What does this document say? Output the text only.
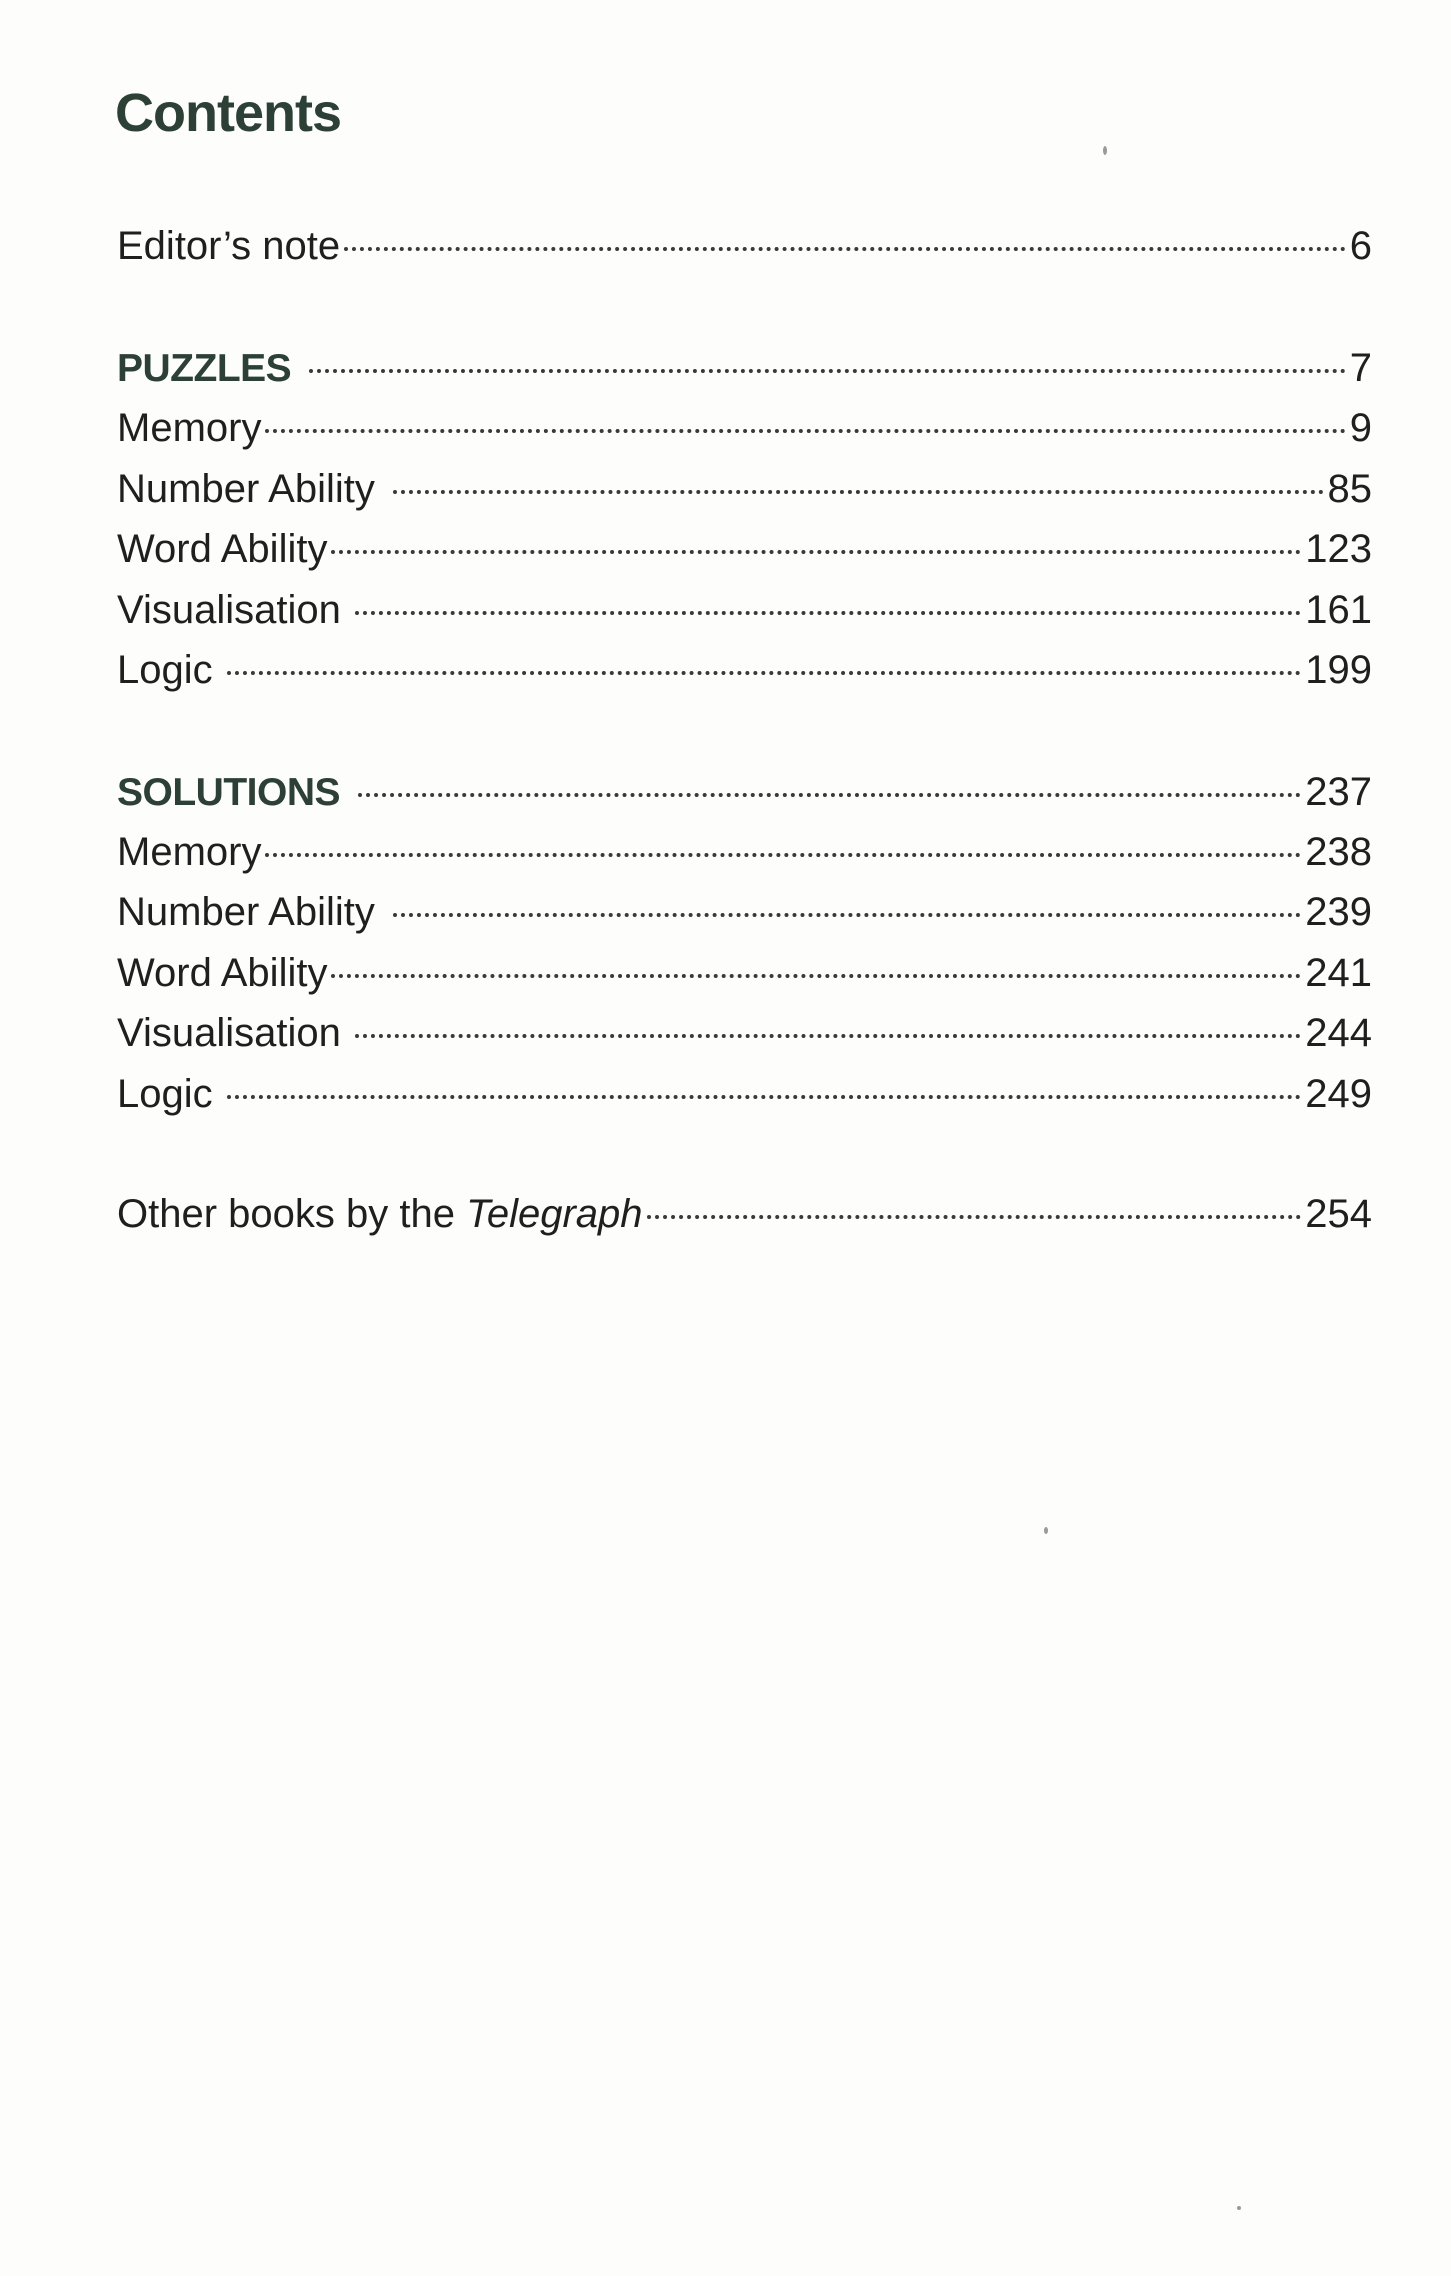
Contents
Editor’s note	6
PUZZLES	7
Memory	9
Number Ability	85
Word Ability	123
Visualisation	161
Logic	199
SOLUTIONS	237
Memory	238
Number Ability	239
Word Ability	241
Visualisation	244
Logic	249
Other books by the Telegraph	254
